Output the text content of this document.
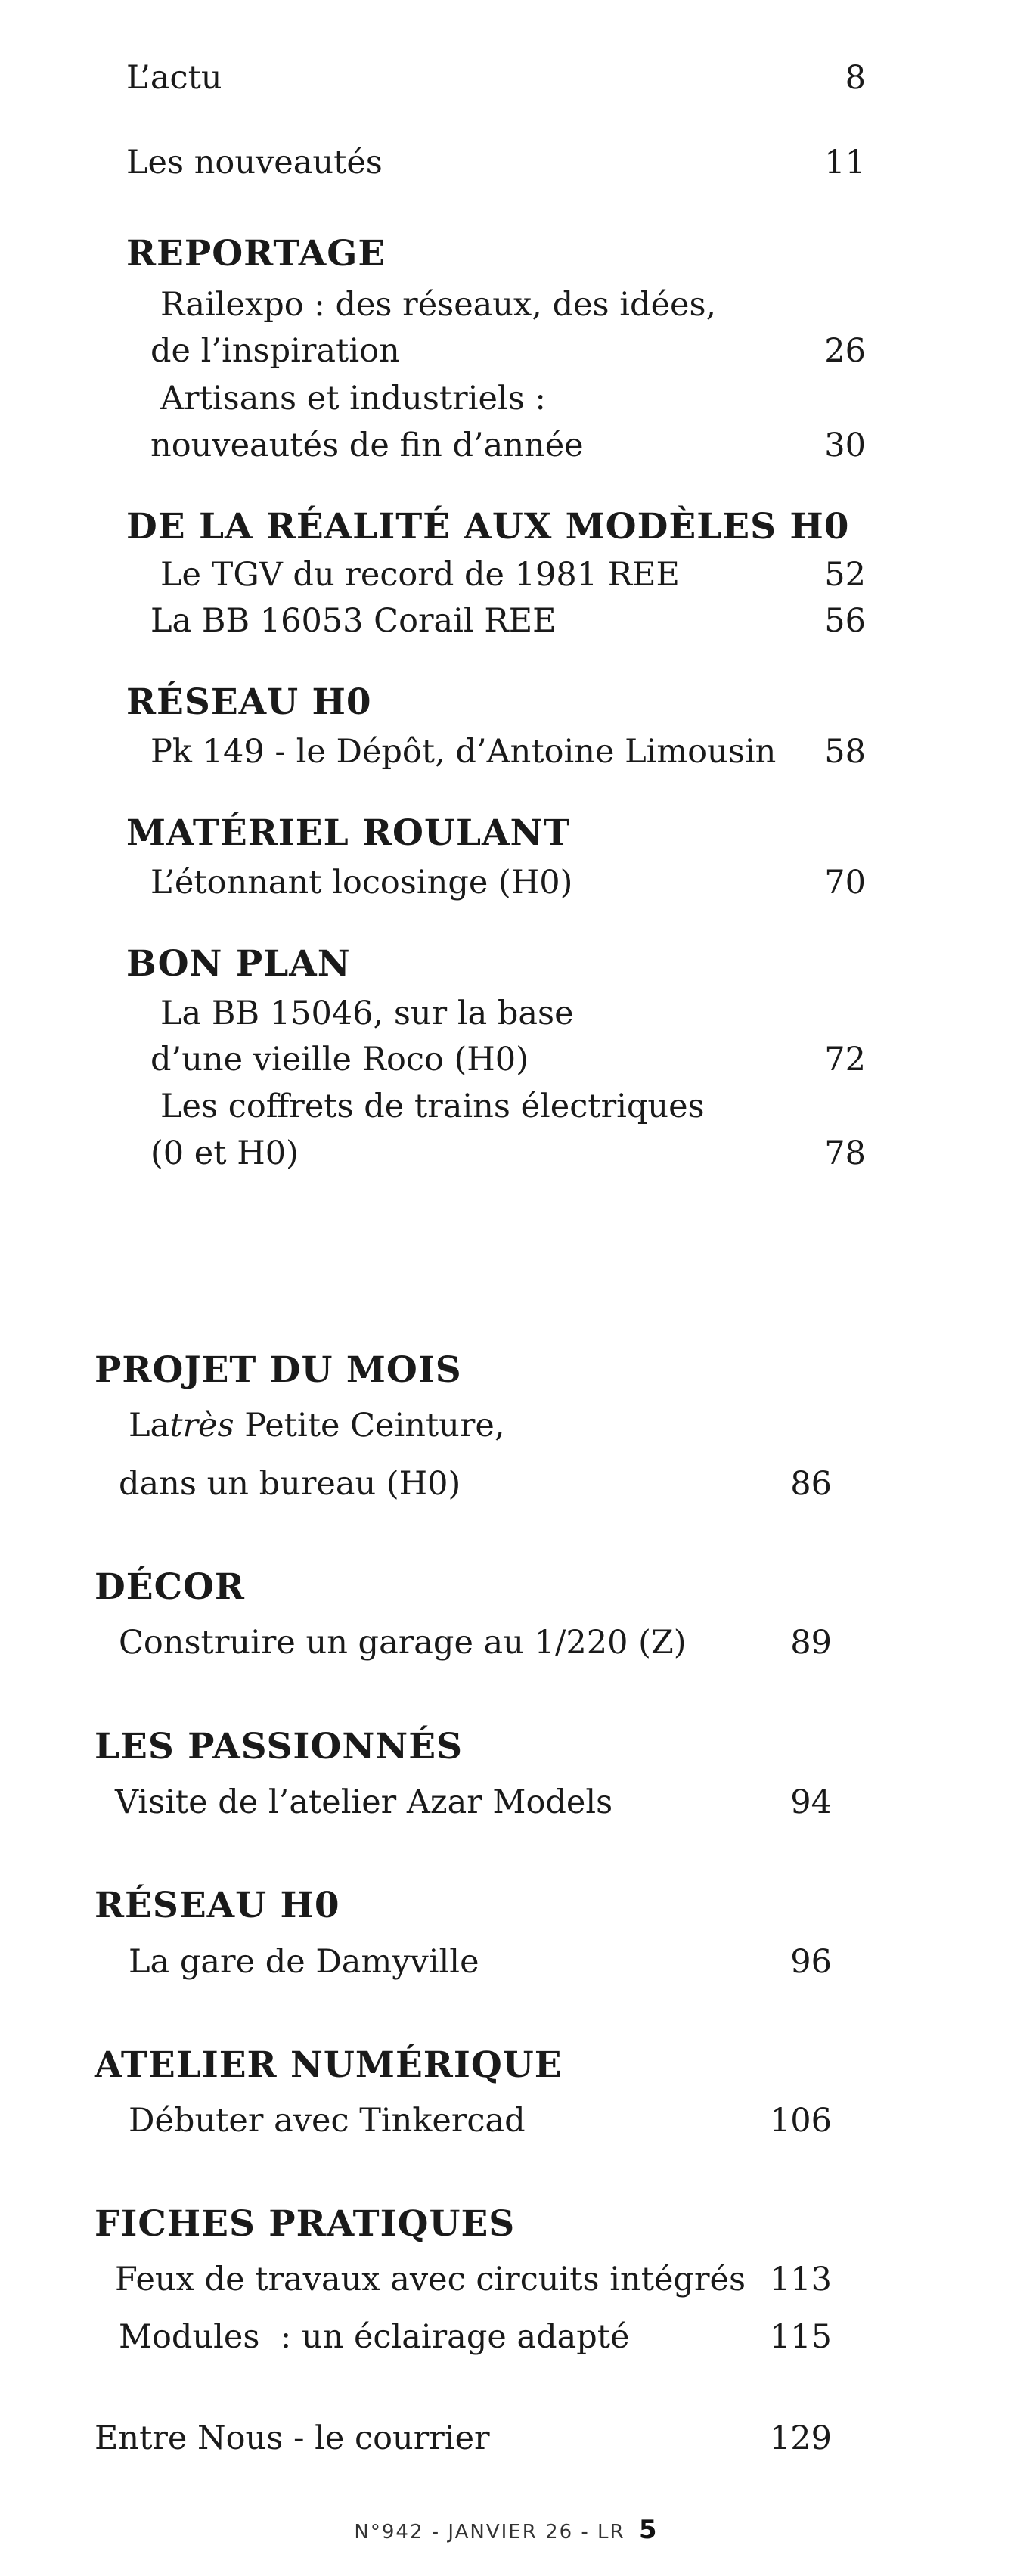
L’actu	8
Les nouveautés	11
REPORTAGE
Railexpo : des réseaux, des idées,
de l’inspiration	26
Artisans et industriels :
nouveautés de fin d’année	30
DE LA RÉALITÉ AUX MODÈLES H0
Le TGV du record de 1981 REE	52
La BB 16053 Corail REE	56
RÉSEAU H0
Pk 149 - le Dépôt, d’Antoine Limousin 58
MATÉRIEL ROULANT
L’étonnant locosinge (H0)	70
BON PLAN
La BB 15046, sur la base
d’une vieille Roco (H0)	72
Les coffrets de trains électriques
(0 et H0)	78
PROJET DU MOIS
Latrès Petite Ceinture,
dans un bureau (H0)	86
DÉCOR
Construire un garage au 1/220 (Z)	89
LES PASSIONNÉS
Visite de l’atelier Azar Models	94
RÉSEAU H0
La gare de Damyville	96
ATELIER NUMÉRIQUE
Débuter avec Tinkercad	106
FICHES PRATIQUES
Feux de travaux avec circuits intégrés 113
Modules  : un éclairage adapté	115
Entre Nous - le courrier	129
N°942 - JANVIER 26 - LR 5
